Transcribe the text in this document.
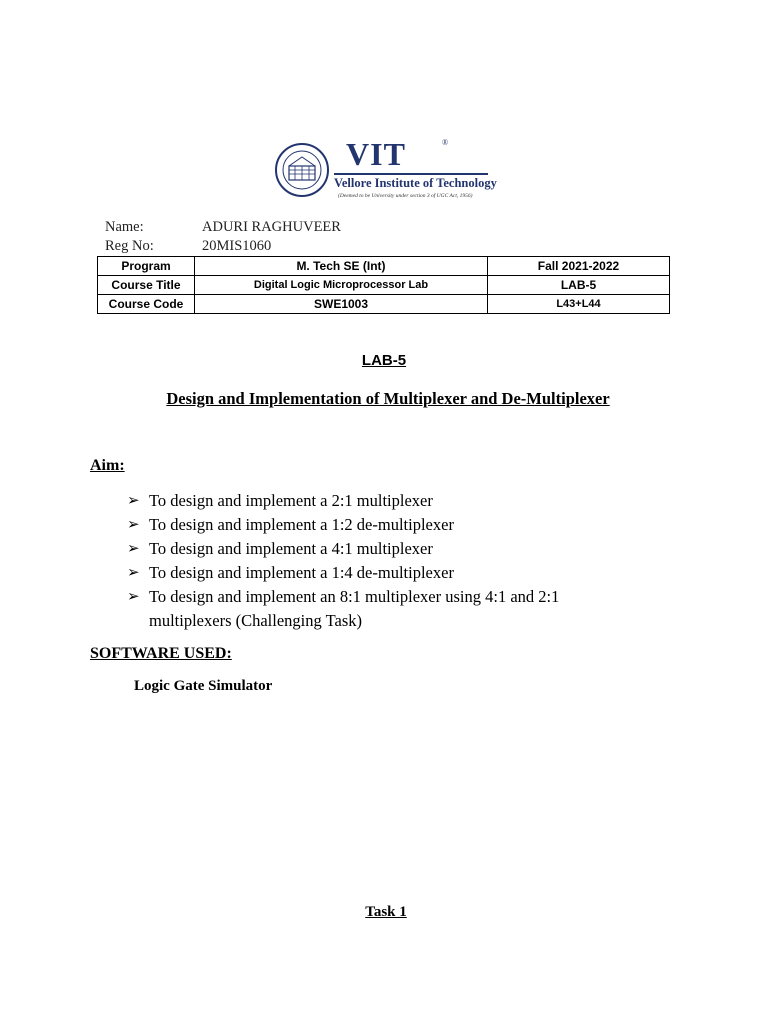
VIT	®
Vellore Institute of Technology
(Deemed to be University under section 3 of UGC Act, 1956)
Name:	ADURI RAGHUVEER
Reg No:	20MIS1060
Program	M. Tech SE (Int)	Fall 2021-2022
Course Title	Digital Logic Microprocessor Lab	LAB-5
Course Code	SWE1003	L43+L44
LAB-5
Design and Implementation of Multiplexer and De-Multiplexer
Aim:
➢ To design and implement a 2:1 multiplexer
➢ To design and implement a 1:2 de-multiplexer
➢ To design and implement a 4:1 multiplexer
➢ To design and implement a 1:4 de-multiplexer
➢ To design and implement an 8:1 multiplexer using 4:1 and 2:1
multiplexers (Challenging Task)
SOFTWARE USED:
Logic Gate Simulator
Task 1
